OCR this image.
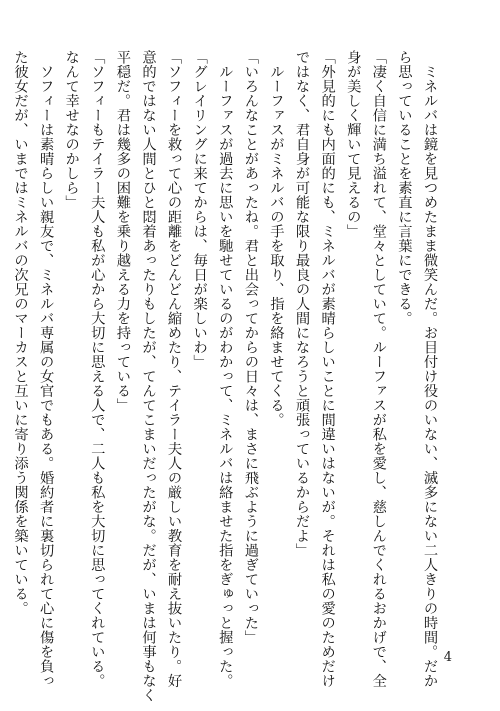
　ミネルバは鏡を見つめたまま微笑んだ。お目付け役のいない、滅多にない二人きりの時間。だか
ら思っていることを素直に言葉にできる。
「凄く自信に満ち溢れて、堂々としていて。ルーファスが私を愛し、慈しんでくれるおかげで、全
身が美しく輝いて見えるの」
「外見的にも内面的にも、ミネルバが素晴らしいことに間違いはないが。それは私の愛のためだけ
ではなく、君自身が可能な限り最良の人間になろうと頑張っているからだよ」
　ルーファスがミネルバの手を取り、指を絡ませてくる。
「いろんなことがあったね。君と出会ってからの日々は、まさに飛ぶように過ぎていった」
　ルーファスが過去に思いを馳せているのがわかって、ミネルバは絡ませた指をぎゅっと握った。
「グレイリングに来てからは、毎日が楽しいわ」
「ソフィーを救って心の距離をどんどん縮めたり、テイラー夫人の厳しい教育を耐え抜いたり。好
意的ではない人間とひと悶着あったりもしたが、てんてこまいだったがな。だが、いまは何事もなく
平穏だ。君は幾多の困難を乗り越える力を持っている」
「ソフィーもテイラー夫人も私が心から大切に思える人で、二人も私を大切に思ってくれている。
なんて幸せなのかしら」
　ソフィーは素晴らしい親友で、ミネルバ専属の女官でもある。婚約者に裏切られて心に傷を負っ
た彼女だが、いまではミネルバの次兄のマーカスと互いに寄り添う関係を築いている。
4
